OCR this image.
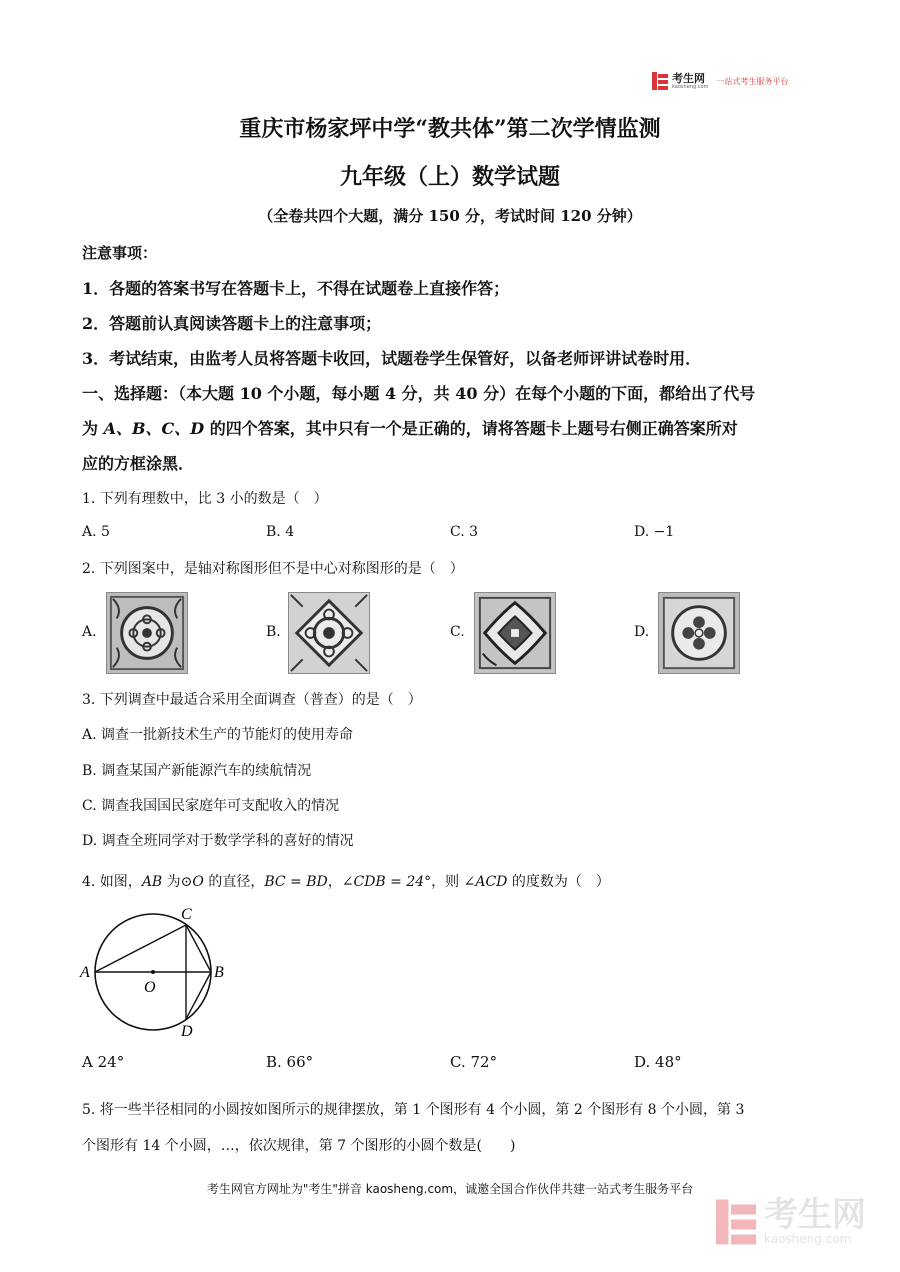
考生网
kaosheng.com
一站式考生服务平台
重庆市杨家坪中学“教共体”第二次学情监测
九年级（上）数学试题
（全卷共四个大题，满分 150 分，考试时间 120 分钟）
注意事项：
1．各题的答案书写在答题卡上，不得在试题卷上直接作答；
2．答题前认真阅读答题卡上的注意事项；
3．考试结束，由监考人员将答题卡收回，试题卷学生保管好，以备老师评讲试卷时用．
一、选择题：（本大题 10 个小题，每小题 4 分，共 40 分）在每个小题的下面，都给出了代号
为 A、B、C、D 的四个答案，其中只有一个是正确的，请将答题卡上题号右侧正确答案所对
应的方框涂黑．
1. 下列有理数中，比 3 小的数是（　）
A. 5	B. 4	C. 3	D. −1
2. 下列图案中，是轴对称图形但不是中心对称图形的是（　）
A.	B.	C.	D.
3. 下列调查中最适合采用全面调查（普查）的是（　）
A. 调查一批新技术生产的节能灯的使用寿命
B. 调查某国产新能源汽车的续航情况
C. 调查我国国民家庭年可支配收入的情况
D. 调查全班同学对于数学学科的喜好的情况
4. 如图，AB 为⊙O 的直径，BC = BD，∠CDB = 24°，则 ∠ACD 的度数为（　）
A	B
C
D
O
A 24°	B. 66°	C. 72°	D. 48°
5. 将一些半径相同的小圆按如图所示的规律摆放，第 1 个图形有 4 个小圆，第 2 个图形有 8 个小圆，第 3
个图形有 14 个小圆，…，依次规律，第 7 个图形的小圆个数是(　　)
考生网官方网址为"考生"拼音 kaosheng.com，诚邀全国合作伙伴共建一站式考生服务平台
考生网
kaosheng.com
